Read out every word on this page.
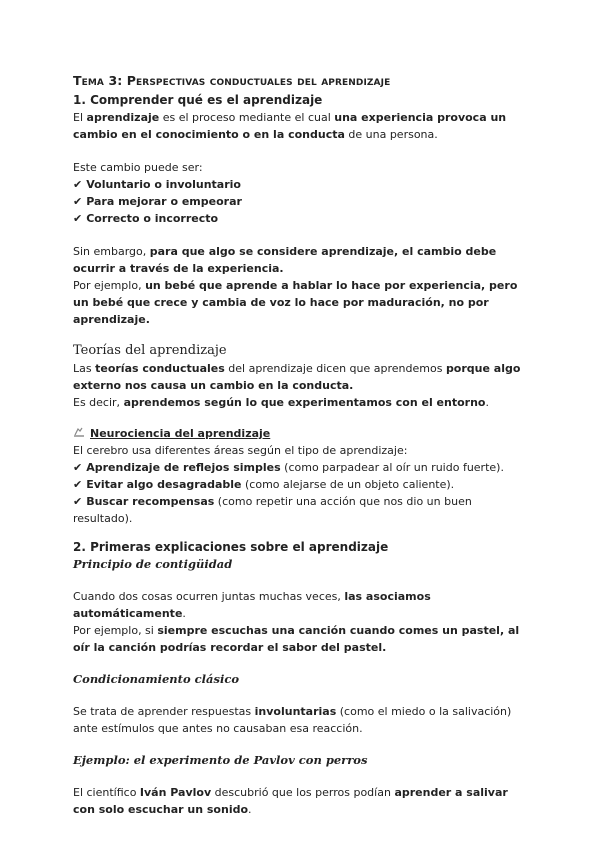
Tema 3: Perspectivas conductuales del aprendizaje

1. Comprender qué es el aprendizaje

El aprendizaje es el proceso mediante el cual una experiencia provoca un cambio en el conocimiento o en la conducta de una persona.

Este cambio puede ser:

✔ Voluntario o involuntario
✔ Para mejorar o empeorar
✔ Correcto o incorrecto

Sin embargo, para que algo se considere aprendizaje, el cambio debe ocurrir a través de la experiencia.

Por ejemplo, un bebé que aprende a hablar lo hace por experiencia, pero un bebé que crece y cambia de voz lo hace por maduración, no por aprendizaje.

Teorías del aprendizaje

Las teorías conductuales del aprendizaje dicen que aprendemos porque algo externo nos causa un cambio en la conducta.

Es decir, aprendemos según lo que experimentamos con el entorno.

Neurociencia del aprendizaje

El cerebro usa diferentes áreas según el tipo de aprendizaje:

✔ Aprendizaje de reflejos simples (como parpadear al oír un ruido fuerte).
✔ Evitar algo desagradable (como alejarse de un objeto caliente).
✔ Buscar recompensas (como repetir una acción que nos dio un buen resultado).

2. Primeras explicaciones sobre el aprendizaje

Principio de contigüidad

Cuando dos cosas ocurren juntas muchas veces, las asociamos automáticamente.

Por ejemplo, si siempre escuchas una canción cuando comes un pastel, al oír la canción podrías recordar el sabor del pastel.

Condicionamiento clásico

Se trata de aprender respuestas involuntarias (como el miedo o la salivación) ante estímulos que antes no causaban esa reacción.

Ejemplo: el experimento de Pavlov con perros

El científico Iván Pavlov descubrió que los perros podían aprender a salivar con solo escuchar un sonido.
